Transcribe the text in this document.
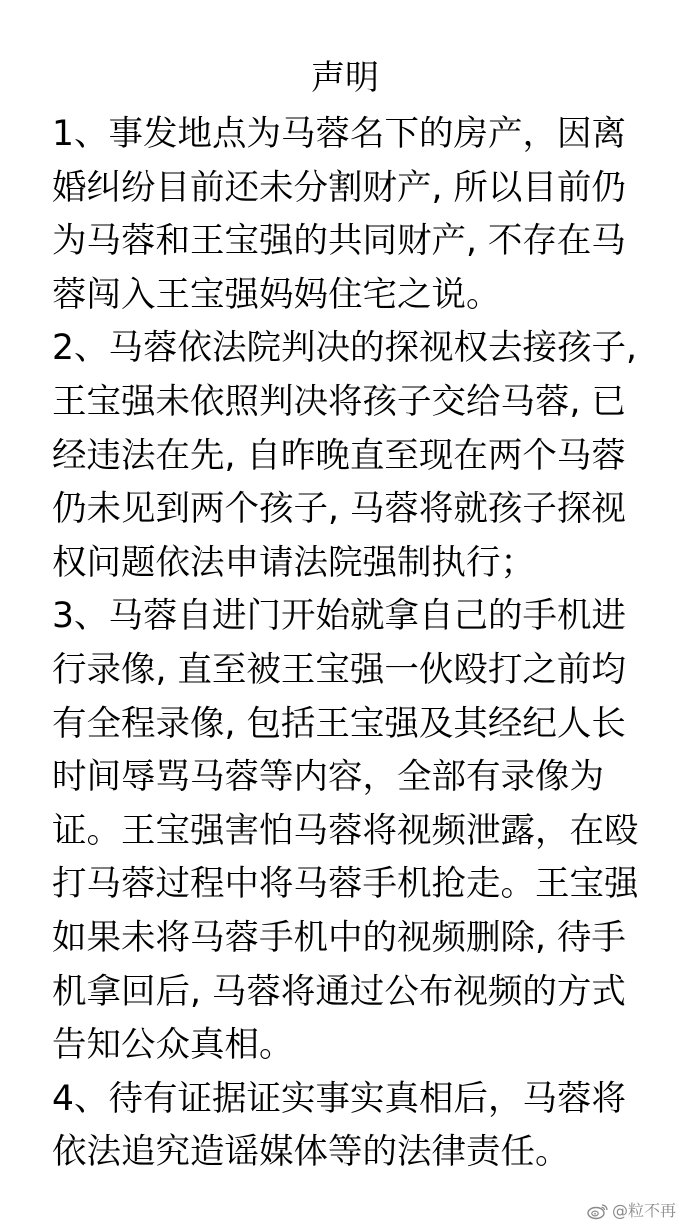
声明
1、事发地点为马蓉名下的房产，因离
婚纠纷目前还未分割财产, 所以目前仍
为马蓉和王宝强的共同财产, 不存在马
蓉闯入王宝强妈妈住宅之说。
2、马蓉依法院判决的探视权去接孩子,
王宝强未依照判决将孩子交给马蓉, 已
经违法在先, 自昨晚直至现在两个马蓉
仍未见到两个孩子, 马蓉将就孩子探视
权问题依法申请法院强制执行；
3、马蓉自进门开始就拿自己的手机进
行录像, 直至被王宝强一伙殴打之前均
有全程录像, 包括王宝强及其经纪人长
时间辱骂马蓉等内容，全部有录像为
证。王宝强害怕马蓉将视频泄露，在殴
打马蓉过程中将马蓉手机抢走。王宝强
如果未将马蓉手机中的视频删除, 待手
机拿回后, 马蓉将通过公布视频的方式
告知公众真相。
4、待有证据证实事实真相后，马蓉将
依法追究造谣媒体等的法律责任。
@粒不再
